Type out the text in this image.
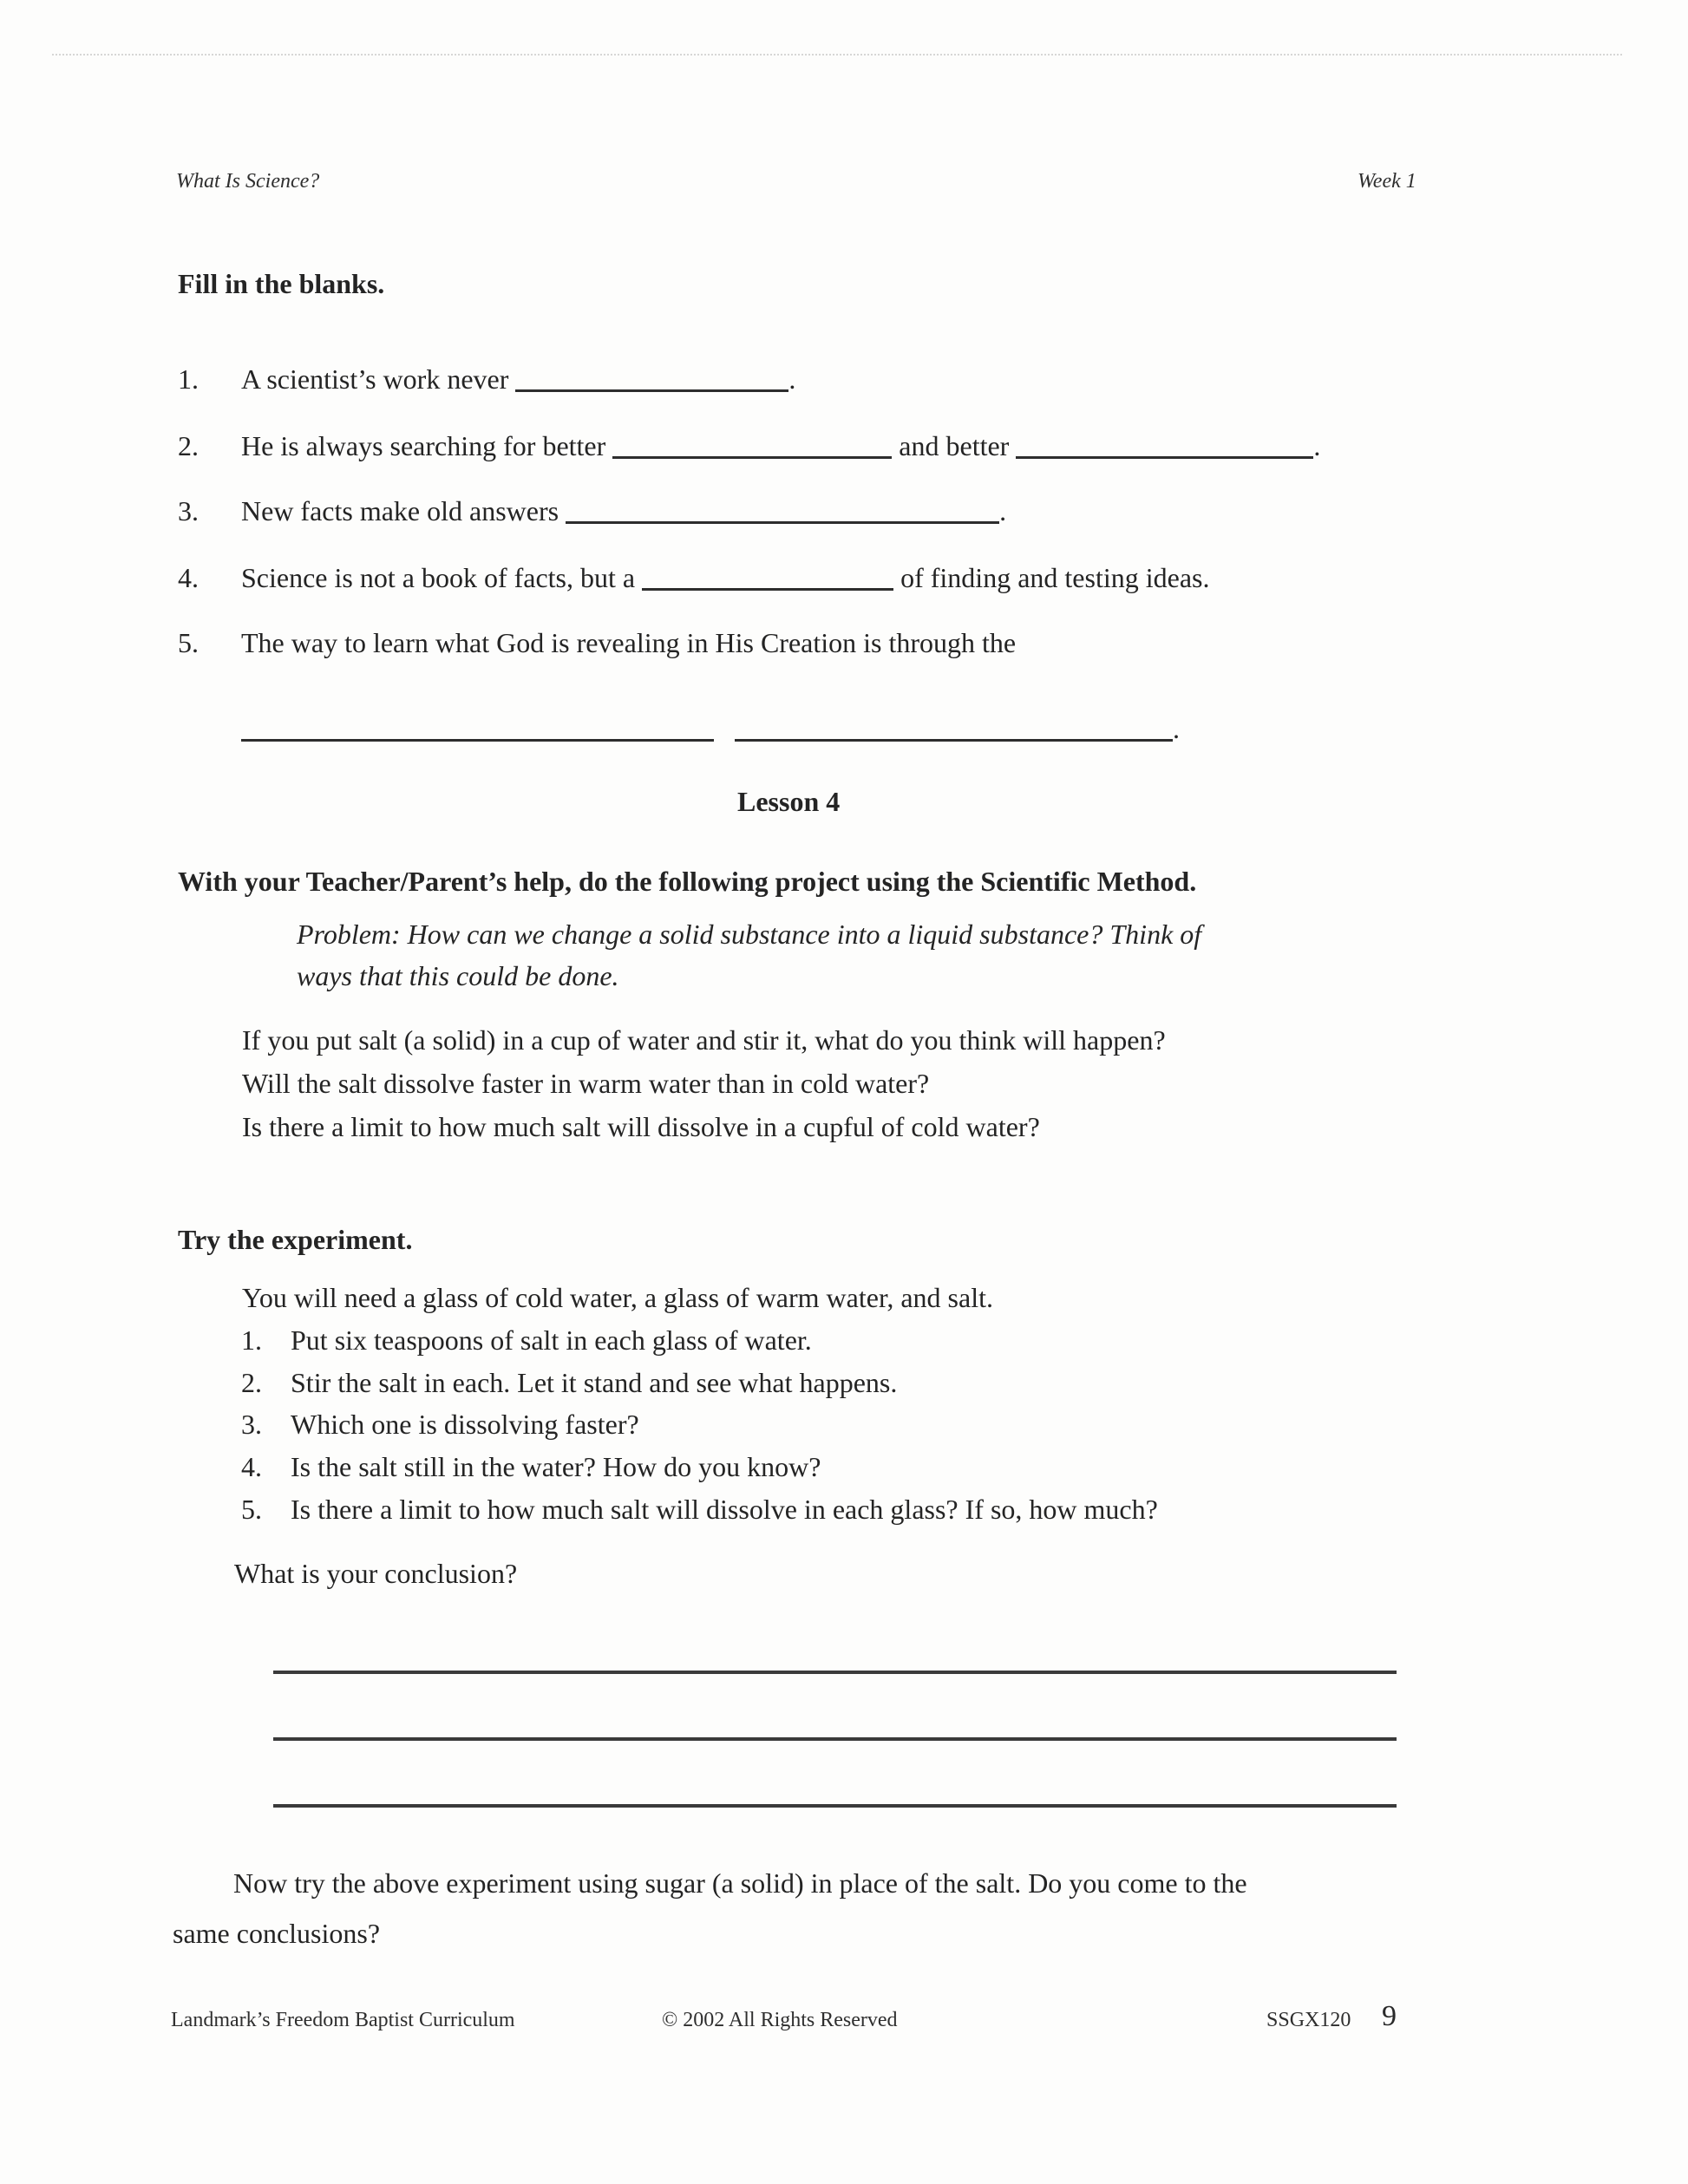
What Is Science?	Week 1
Fill in the blanks.
1. A scientist’s work never	.
2. He is always searching for better	and better	.
3. New facts make old answers	.
4. Science is not a book of facts, but a	of finding and testing ideas.
5. The way to learn what God is revealing in His Creation is through the
.
Lesson 4
With your Teacher/Parent’s help, do the following project using the Scientific Method.
Problem: How can we change a solid substance into a liquid substance? Think of
ways that this could be done.
If you put salt (a solid) in a cup of water and stir it, what do you think will happen?
Will the salt dissolve faster in warm water than in cold water?
Is there a limit to how much salt will dissolve in a cupful of cold water?
Try the experiment.
You will need a glass of cold water, a glass of warm water, and salt.
1. Put six teaspoons of salt in each glass of water.
2. Stir the salt in each. Let it stand and see what happens.
3. Which one is dissolving faster?
4. Is the salt still in the water? How do you know?
5. Is there a limit to how much salt will dissolve in each glass? If so, how much?
What is your conclusion?
Now try the above experiment using sugar (a solid) in place of the salt. Do you come to the
same conclusions?
Landmark’s Freedom Baptist Curriculum	© 2002 All Rights Reserved	SSGX120 9
